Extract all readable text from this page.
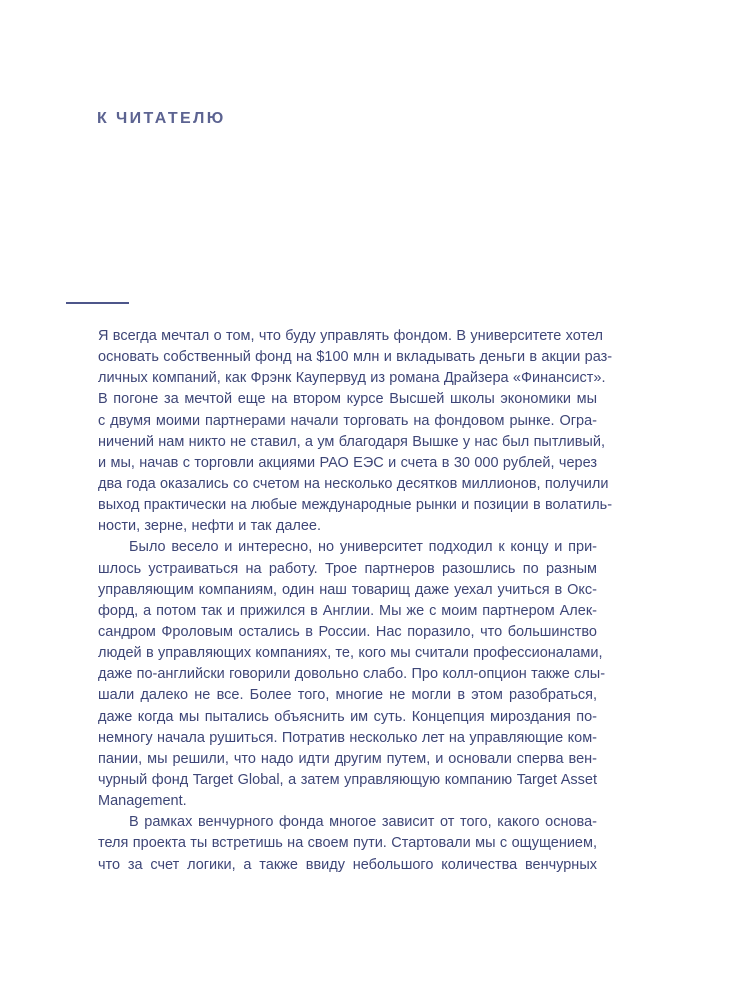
К ЧИТАТЕЛЮ
Я всегда мечтал о том, что буду управлять фондом. В университете хотел
основать собственный фонд на $100 млн и вкладывать деньги в акции раз-
личных компаний, как Фрэнк Каупервуд из романа Драйзера «Финансист».
В погоне за мечтой еще на втором курсе Высшей школы экономики мы
с двумя моими партнерами начали торговать на фондовом рынке. Огра-
ничений нам никто не ставил, а ум благодаря Вышке у нас был пытливый,
и мы, начав с торговли акциями РАО ЕЭС и счета в 30 000 рублей, через
два года оказались со счетом на несколько десятков миллионов, получили
выход практически на любые международные рынки и позиции в волатиль-
ности, зерне, нефти и так далее.
Было весело и интересно, но университет подходил к концу и при-
шлось устраиваться на работу. Трое партнеров разошлись по разным
управляющим компаниям, один наш товарищ даже уехал учиться в Окс-
форд, а потом так и прижился в Англии. Мы же с моим партнером Алек-
сандром Фроловым остались в России. Нас поразило, что большинство
людей в управляющих компаниях, те, кого мы считали профессионалами,
даже по-английски говорили довольно слабо. Про колл-опцион также слы-
шали далеко не все. Более того, многие не могли в этом разобраться,
даже когда мы пытались объяснить им суть. Концепция мироздания по-
немногу начала рушиться. Потратив несколько лет на управляющие ком-
пании, мы решили, что надо идти другим путем, и основали сперва вен-
чурный фонд Target Global, а затем управляющую компанию Target Asset
Management.
В рамках венчурного фонда многое зависит от того, какого основа-
теля проекта ты встретишь на своем пути. Стартовали мы с ощущением,
что за счет логики, а также ввиду небольшого количества венчурных
